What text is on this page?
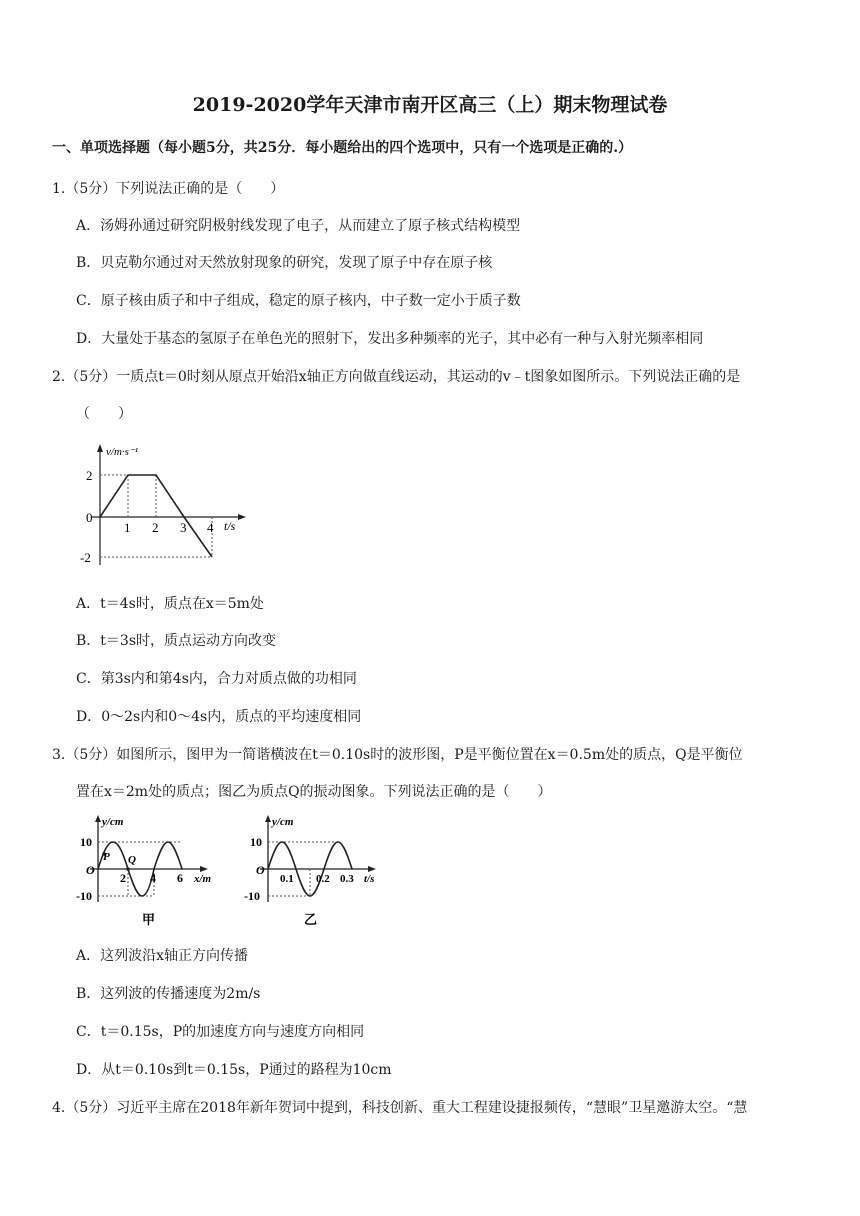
2019-2020学年天津市南开区高三（上）期末物理试卷
一、单项选择题（每小题5分，共25分．每小题给出的四个选项中，只有一个选项是正确的.）
1.（5分）下列说法正确的是（　　）
A．汤姆孙通过研究阴极射线发现了电子，从而建立了原子核式结构模型
B．贝克勒尔通过对天然放射现象的研究，发现了原子中存在原子核
C．原子核由质子和中子组成，稳定的原子核内，中子数一定小于质子数
D．大量处于基态的氢原子在单色光的照射下，发出多种频率的光子，其中必有一种与入射光频率相同
2.（5分）一质点t＝0时刻从原点开始沿x轴正方向做直线运动，其运动的v﹣t图象如图所示。下列说法正确的是
（　　）
v/m·s⁻¹
t/s
2
0
-2
1 2 3 4
A．t＝4s时，质点在x＝5m处
B．t＝3s时，质点运动方向改变
C．第3s内和第4s内，合力对质点做的功相同
D．0～2s内和0～4s内，质点的平均速度相同
3.（5分）如图所示，图甲为一简谐横波在t＝0.10s时的波形图，P是平衡位置在x＝0.5m处的质点，Q是平衡位
置在x＝2m处的质点；图乙为质点Q的振动图象。下列说法正确的是（　　）
y/cm
x/m
10
O
-10
2 4 6
P Q
甲
y/cm
t/s
10
O
-10
0.1 0.2 0.3
乙
A．这列波沿x轴正方向传播
B．这列波的传播速度为2m/s
C．t＝0.15s，P的加速度方向与速度方向相同
D．从t＝0.10s到t＝0.15s，P通过的路程为10cm
4.（5分）习近平主席在2018年新年贺词中提到，科技创新、重大工程建设捷报频传，“慧眼”卫星邀游太空。“慧
